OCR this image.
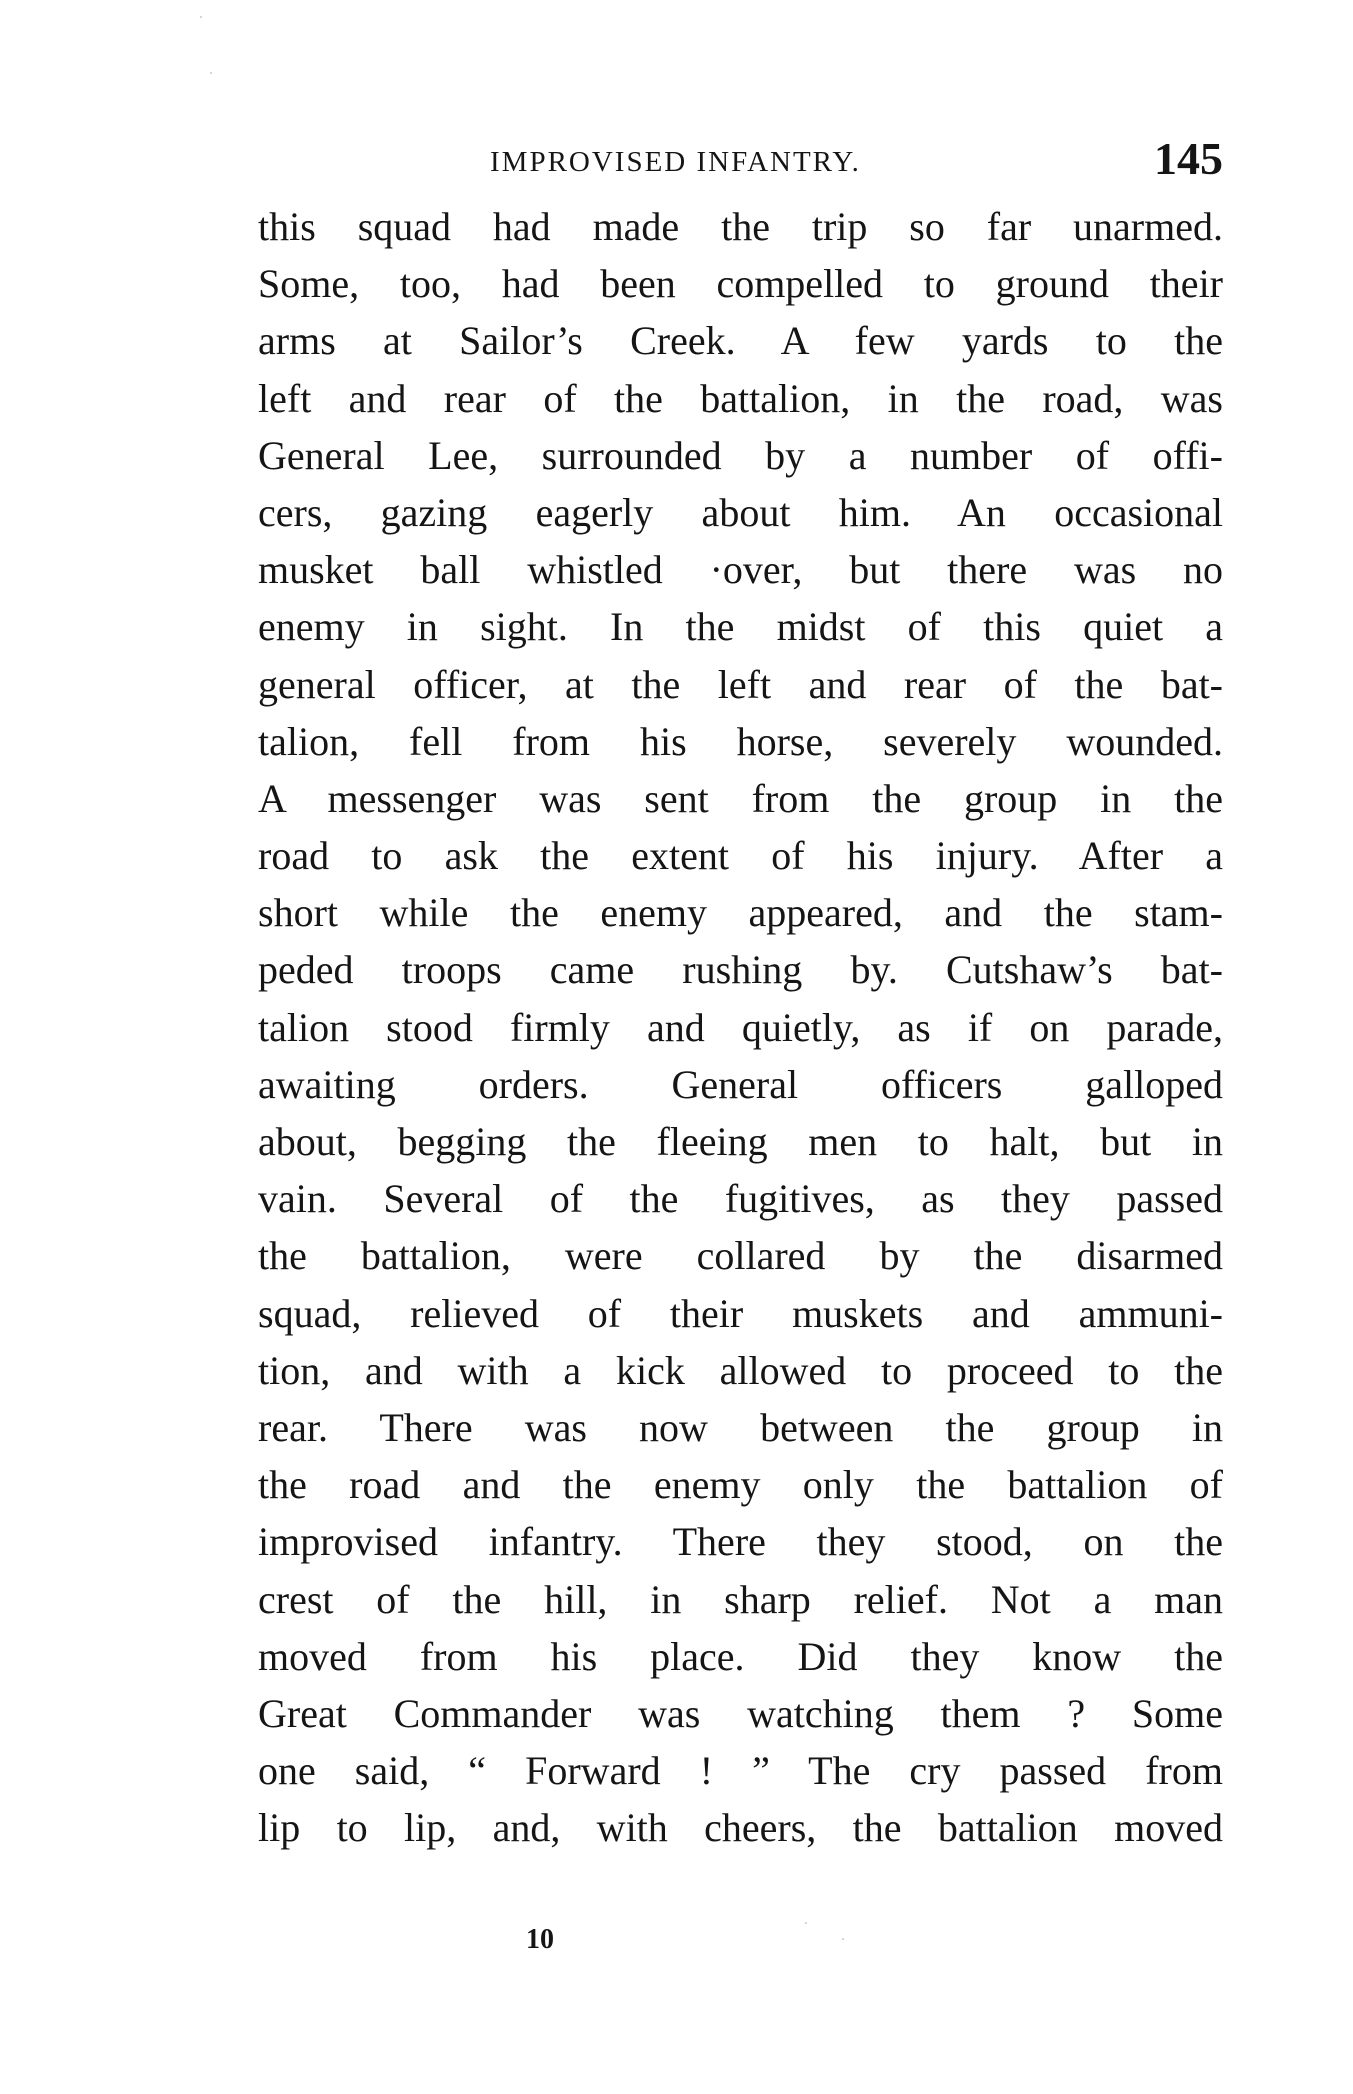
IMPROVISED INFANTRY.	145
this squad had made the trip so far unarmed.
Some, too, had been compelled to ground their
arms at Sailor’s Creek. A few yards to the
left and rear of the battalion, in the road, was
General Lee, surrounded by a number of offi-
cers, gazing eagerly about him. An occasional
musket ball whistled ·over, but there was no
enemy in sight. In the midst of this quiet a
general officer, at the left and rear of the bat-
talion, fell from his horse, severely wounded.
A messenger was sent from the group in the
road to ask the extent of his injury. After a
short while the enemy appeared, and the stam-
peded troops came rushing by. Cutshaw’s bat-
talion stood firmly and quietly, as if on parade,
awaiting orders. General officers galloped
about, begging the fleeing men to halt, but in
vain. Several of the fugitives, as they passed
the battalion, were collared by the disarmed
squad, relieved of their muskets and ammuni-
tion, and with a kick allowed to proceed to the
rear. There was now between the group in
the road and the enemy only the battalion of
improvised infantry. There they stood, on the
crest of the hill, in sharp relief. Not a man
moved from his place. Did they know the
Great Commander was watching them ? Some
one said, “ Forward ! ” The cry passed from
lip to lip, and, with cheers, the battalion moved
10
